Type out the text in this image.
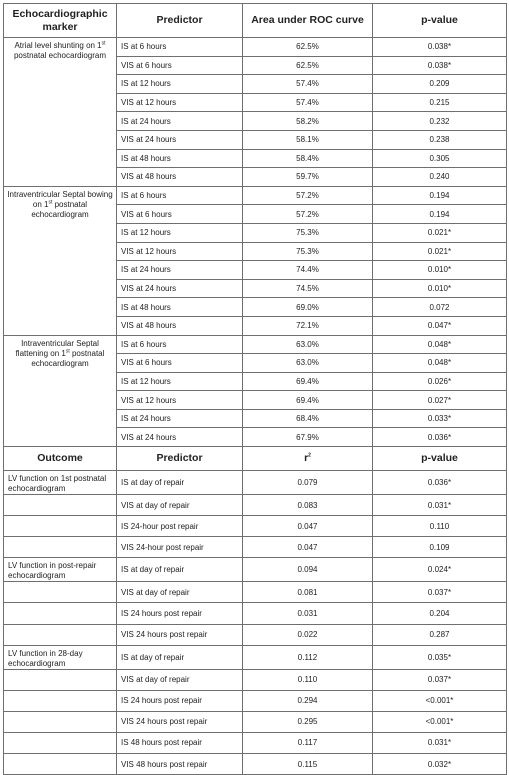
Echocardiographic marker	Predictor	Area under ROC curve	p-value
Atrial level shunting on 1st postnatal echocardiogram	IS at 6 hours	62.5%	0.038*
	VIS at 6 hours	62.5%	0.038*
	IS at 12 hours	57.4%	0.209
	VIS at 12 hours	57.4%	0.215
	IS at 24 hours	58.2%	0.232
	VIS at 24 hours	58.1%	0.238
	IS at 48 hours	58.4%	0.305
	VIS at 48 hours	59.7%	0.240
Intraventricular Septal bowing on 1st postnatal echocardiogram	IS at 6 hours	57.2%	0.194
	VIS at 6 hours	57.2%	0.194
	IS at 12 hours	75.3%	0.021*
	VIS at 12 hours	75.3%	0.021*
	IS at 24 hours	74.4%	0.010*
	VIS at 24 hours	74.5%	0.010*
	IS at 48 hours	69.0%	0.072
	VIS at 48 hours	72.1%	0.047*
Intraventricular Septal flattening on 1st postnatal echocardiogram	IS at 6 hours	63.0%	0.048*
	VIS at 6 hours	63.0%	0.048*
	IS at 12 hours	69.4%	0.026*
	VIS at 12 hours	69.4%	0.027*
	IS at 24 hours	68.4%	0.033*
	VIS at 24 hours	67.9%	0.036*
Outcome	Predictor	$r^2$	p-value
LV function on 1st postnatal echocardiogram	IS at day of repair	0.079	0.036*
	VIS at day of repair	0.083	0.031*
	IS 24-hour post repair	0.047	0.110
	VIS 24-hour post repair	0.047	0.109
LV function in post-repair echocardiogram	IS at day of repair	0.094	0.024*
	VIS at day of repair	0.081	0.037*
	IS 24 hours post repair	0.031	0.204
	VIS 24 hours post repair	0.022	0.287
LV function in 28-day echocardiogram	IS at day of repair	0.112	0.035*
	VIS at day of repair	0.110	0.037*
	IS 24 hours post repair	0.294	<0.001*
	VIS 24 hours post repair	0.295	<0.001*
	IS 48 hours post repair	0.117	0.031*
	VIS 48 hours post repair	0.115	0.032*
